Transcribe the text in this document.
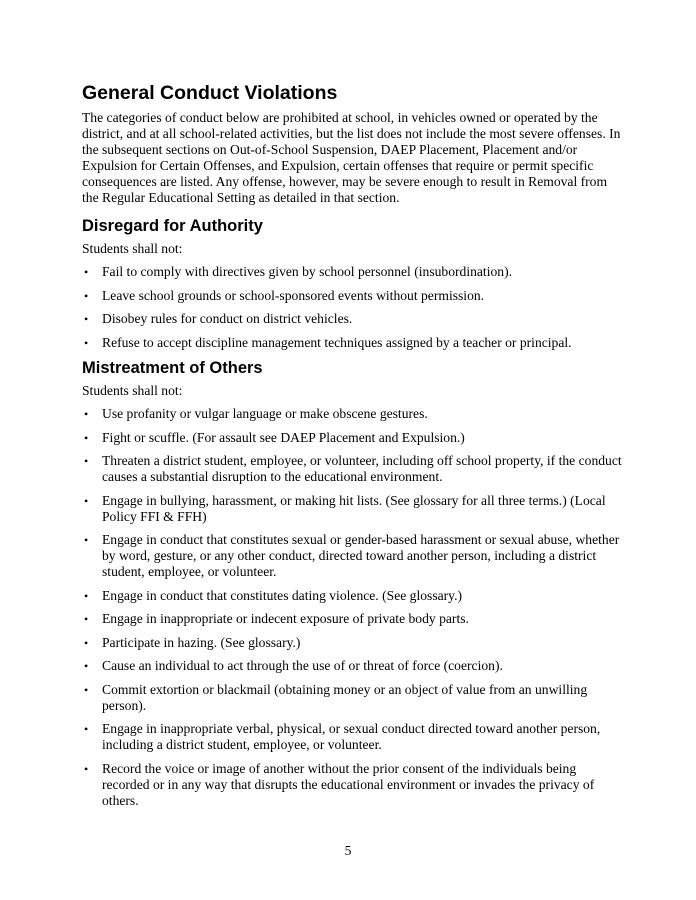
General Conduct Violations

The categories of conduct below are prohibited at school, in vehicles owned or operated by the district, and at all school-related activities, but the list does not include the most severe offenses. In the subsequent sections on Out-of-School Suspension, DAEP Placement, Placement and/or Expulsion for Certain Offenses, and Expulsion, certain offenses that require or permit specific consequences are listed. Any offense, however, may be severe enough to result in Removal from the Regular Educational Setting as detailed in that section.

Disregard for Authority

Students shall not:

• Fail to comply with directives given by school personnel (insubordination).
• Leave school grounds or school-sponsored events without permission.
• Disobey rules for conduct on district vehicles.
• Refuse to accept discipline management techniques assigned by a teacher or principal.
Mistreatment of Others

Students shall not:

• Use profanity or vulgar language or make obscene gestures.
• Fight or scuffle. (For assault see DAEP Placement and Expulsion.)
• Threaten a district student, employee, or volunteer, including off school property, if the conduct causes a substantial disruption to the educational environment.
• Engage in bullying, harassment, or making hit lists. (See glossary for all three terms.) (Local Policy FFI & FFH)
• Engage in conduct that constitutes sexual or gender-based harassment or sexual abuse, whether by word, gesture, or any other conduct, directed toward another person, including a district student, employee, or volunteer.
• Engage in conduct that constitutes dating violence. (See glossary.)
• Engage in inappropriate or indecent exposure of private body parts.
• Participate in hazing. (See glossary.)
• Cause an individual to act through the use of or threat of force (coercion).
• Commit extortion or blackmail (obtaining money or an object of value from an unwilling person).
• Engage in inappropriate verbal, physical, or sexual conduct directed toward another person, including a district student, employee, or volunteer.
• Record the voice or image of another without the prior consent of the individuals being recorded or in any way that disrupts the educational environment or invades the privacy of others.
5
